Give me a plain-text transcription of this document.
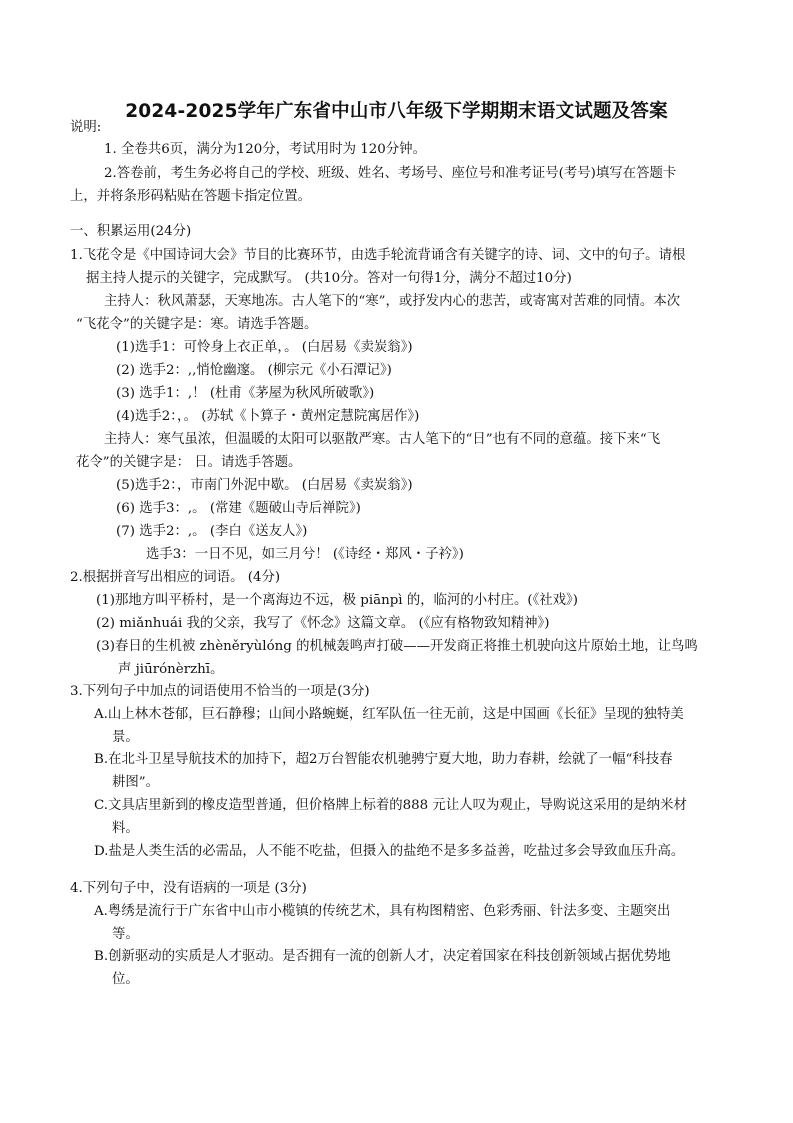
2024-2025学年广东省中山市八年级下学期期末语文试题及答案
说明:
1. 全卷共6页，满分为120分，考试用时为 120分钟。
2.答卷前，考生务必将自己的学校、班级、姓名、考场号、座位号和准考证号(考号)填写在答题卡
上，并将条形码粘贴在答题卡指定位置。
一、积累运用(24分)
1.飞花令是《中国诗词大会》节目的比赛环节，由选手轮流背诵含有关键字的诗、词、文中的句子。请根
据主持人提示的关键字，完成默写。 (共10分。答对一句得1分，满分不超过10分)
主持人：秋风萧瑟，天寒地冻。古人笔下的“寒”，或抒发内心的悲苦，或寄寓对苦难的同情。本次
“飞花令”的关键字是：寒。请选手答题。
(1)选手1：可怜身上衣正单，。 (白居易《卖炭翁》)
(2) 选手2：,,悄怆幽邃。 (柳宗元《小石潭记》)
(3) 选手1：,！ (杜甫《茅屋为秋风所破歌》)
(4)选手2：，。 (苏轼《卜算子・黄州定慧院寓居作》)
主持人：寒气虽浓，但温暖的太阳可以驱散严寒。古人笔下的“日”也有不同的意蕴。接下来“飞
花令”的关键字是： 日。请选手答题。
(5)选手2：，市南门外泥中歇。 (白居易《卖炭翁》)
(6) 选手3：,。 (常建《题破山寺后禅院》)
(7) 选手2：,。 (李白《送友人》)
选手3：一日不见，如三月兮！ (《诗经・郑风・子衿》)
2.根据拼音写出相应的词语。 (4分)
(1)那地方叫平桥村，是一个离海边不远，极 piānpì 的，临河的小村庄。(《社戏》)
(2) miǎnhuái 我的父亲，我写了《怀念》这篇文章。 (《应有格物致知精神》)
(3)春日的生机被 zhèněryùlóng 的机械轰鸣声打破——开发商正将推土机驶向这片原始土地，让鸟鸣
声 jiūrónèrzhī。
3.下列句子中加点的词语使用不恰当的一项是(3分)
A.山上林木苍郁，巨石静穆；山间小路蜿蜒，红军队伍一往无前，这是中国画《长征》呈现的独特美
景。
B.在北斗卫星导航技术的加持下，超2万台智能农机驰骋宁夏大地，助力春耕，绘就了一幅“科技春
耕图”。
C.文具店里新到的橡皮造型普通，但价格牌上标着的888 元让人叹为观止，导购说这采用的是纳米材
料。
D.盐是人类生活的必需品，人不能不吃盐，但摄入的盐绝不是多多益善，吃盐过多会导致血压升高。
4.下列句子中，没有语病的一项是 (3分)
A.粤绣是流行于广东省中山市小榄镇的传统艺术，具有构图精密、色彩秀丽、针法多变、主题突出
等。
B.创新驱动的实质是人才驱动。是否拥有一流的创新人才，决定着国家在科技创新领域占据优势地
位。
